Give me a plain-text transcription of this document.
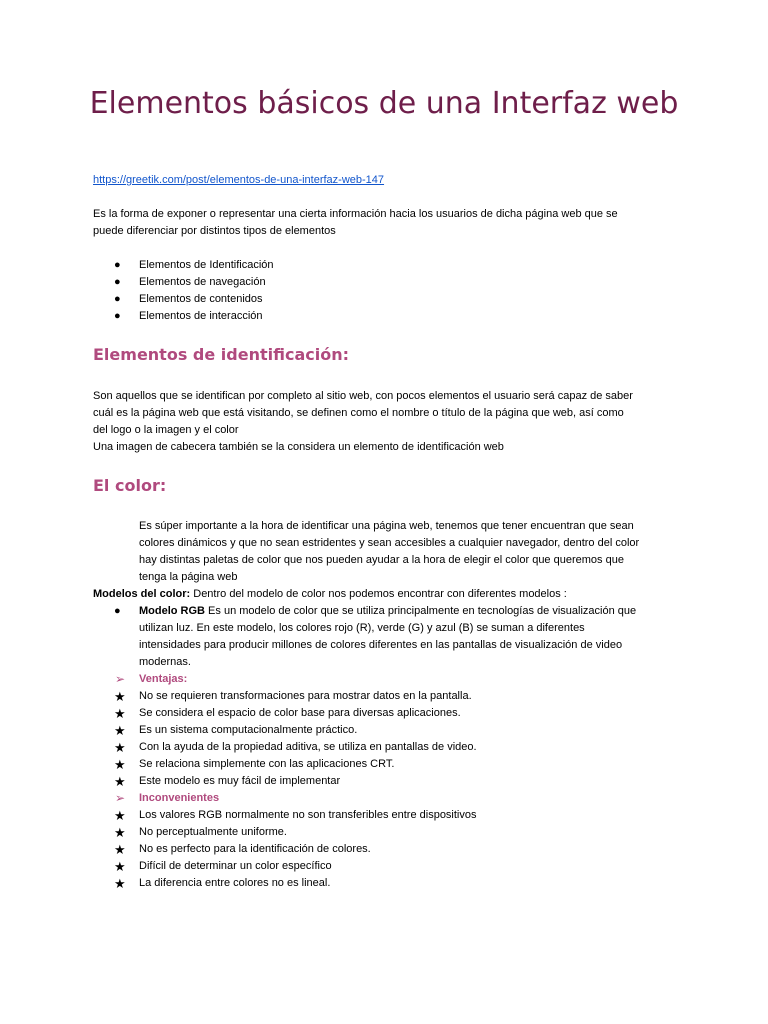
Elementos básicos de una Interfaz web
https://greetik.com/post/elementos-de-una-interfaz-web-147
Es la forma de exponer o representar una cierta información hacia los usuarios de dicha página web que se
puede diferenciar por distintos tipos de elementos
● Elementos de Identificación
● Elementos de navegación
● Elementos de contenidos
● Elementos de interacción
Elementos de identificación:
Son aquellos que se identifican por completo al sitio web, con pocos elementos el usuario será capaz de saber
cuál es la página web que está visitando, se definen como el nombre o título de la página que web, así como
del logo o la imagen y el color
Una imagen de cabecera también se la considera un elemento de identificación web
El color:
Es súper importante a la hora de identificar una página web, tenemos que tener encuentran que sean
colores dinámicos y que no sean estridentes y sean accesibles a cualquier navegador, dentro del color
hay distintas paletas de color que nos pueden ayudar a la hora de elegir el color que queremos que
tenga la página web
Modelos del color: Dentro del modelo de color nos podemos encontrar con diferentes modelos :
● Modelo RGB Es un modelo de color que se utiliza principalmente en tecnologías de visualización que
utilizan luz. En este modelo, los colores rojo (R), verde (G) y azul (B) se suman a diferentes
intensidades para producir millones de colores diferentes en las pantallas de visualización de video
modernas.
➢ Ventajas:
★ No se requieren transformaciones para mostrar datos en la pantalla.
★ Se considera el espacio de color base para diversas aplicaciones.
★ Es un sistema computacionalmente práctico.
★ Con la ayuda de la propiedad aditiva, se utiliza en pantallas de video.
★ Se relaciona simplemente con las aplicaciones CRT.
★ Este modelo es muy fácil de implementar
➢ Inconvenientes
★ Los valores RGB normalmente no son transferibles entre dispositivos
★ No perceptualmente uniforme.
★ No es perfecto para la identificación de colores.
★ Difícil de determinar un color específico
★ La diferencia entre colores no es lineal.
